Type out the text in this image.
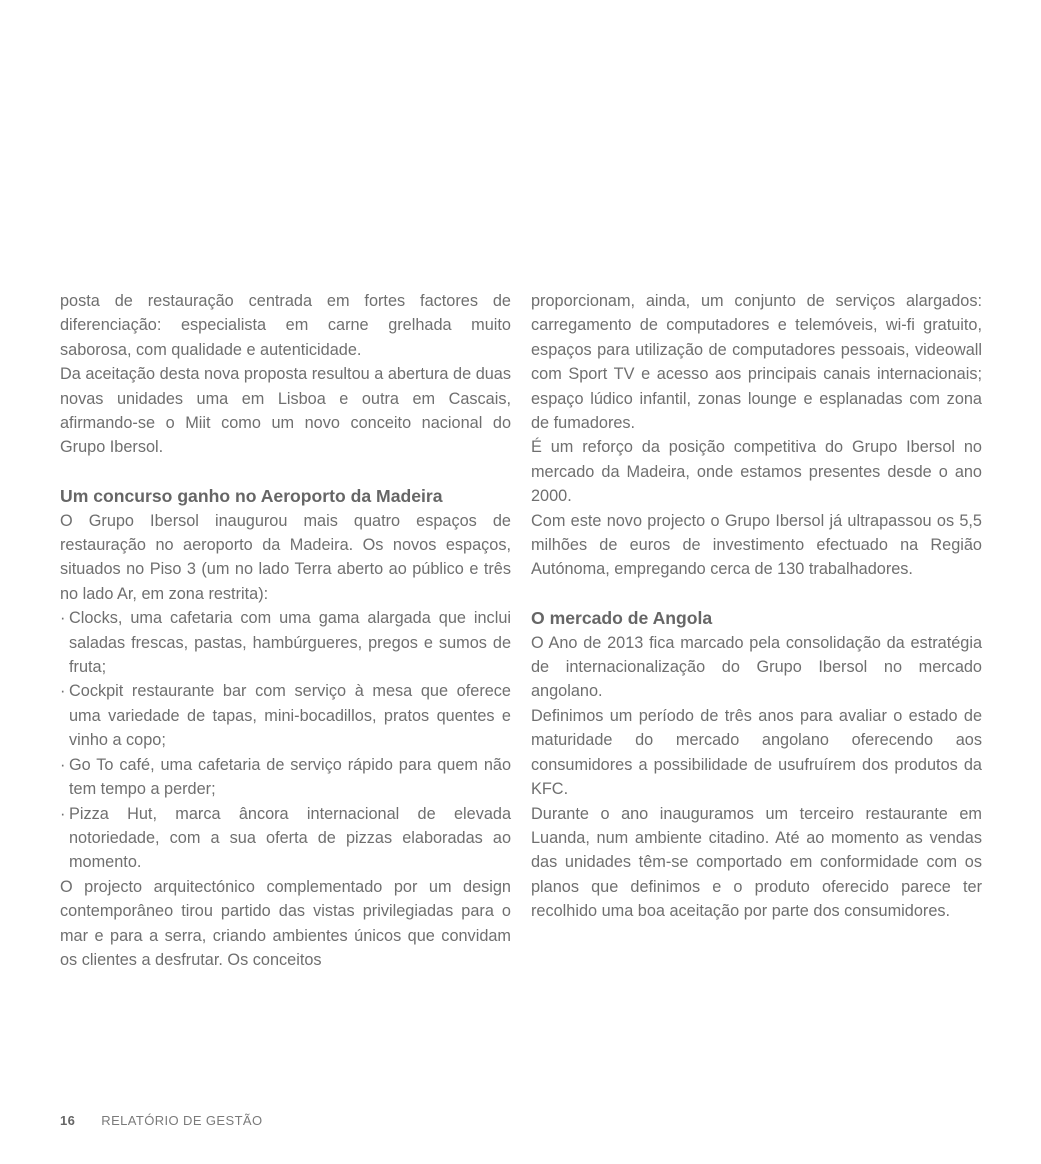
posta de restauração centrada em fortes factores de diferenciação: especialista em carne grelhada muito saborosa, com qualidade e autenticidade.

Da aceitação desta nova proposta resultou a abertura de duas novas unidades uma em Lisboa e outra em Cascais, afirmando-se o Miit como um novo conceito nacional do Grupo Ibersol.

Um concurso ganho no Aeroporto da Madeira

O Grupo Ibersol inaugurou mais quatro espaços de restauração no aeroporto da Madeira. Os novos espaços, situados no Piso 3 (um no lado Terra aberto ao público e três no lado Ar, em zona restrita):

· Clocks, uma cafetaria com uma gama alargada que inclui saladas frescas, pastas, hambúrgueres, pregos e sumos de fruta;
· Cockpit restaurante bar com serviço à mesa que oferece uma variedade de tapas, mini-bocadillos, pratos quentes e vinho a copo;
· Go To café, uma cafetaria de serviço rápido para quem não tem tempo a perder;
· Pizza Hut, marca âncora internacional de elevada notoriedade, com a sua oferta de pizzas elaboradas ao momento.

O projecto arquitectónico complementado por um design contemporâneo tirou partido das vistas privilegiadas para o mar e para a serra, criando ambientes únicos que convidam os clientes a desfrutar. Os conceitos

proporcionam, ainda, um conjunto de serviços alargados: carregamento de computadores e telemóveis, wi-fi gratuito, espaços para utilização de computadores pessoais, videowall com Sport TV e acesso aos principais canais internacionais; espaço lúdico infantil, zonas lounge e esplanadas com zona de fumadores.

É um reforço da posição competitiva do Grupo Ibersol no mercado da Madeira, onde estamos presentes desde o ano 2000.

Com este novo projecto o Grupo Ibersol já ultrapassou os 5,5 milhões de euros de investimento efectuado na Região Autónoma, empregando cerca de 130 trabalhadores.

O mercado de Angola

O Ano de 2013 fica marcado pela consolidação da estratégia de internacionalização do Grupo Ibersol no mercado angolano.

Definimos um período de três anos para avaliar o estado de maturidade do mercado angolano oferecendo aos consumidores a possibilidade de usufruírem dos produtos da KFC.

Durante o ano inauguramos um terceiro restaurante em Luanda, num ambiente citadino. Até ao momento as vendas das unidades têm-se comportado em conformidade com os planos que definimos e o produto oferecido parece ter recolhido uma boa aceitação por parte dos consumidores.

16 RELATÓRIO DE GESTÃO
